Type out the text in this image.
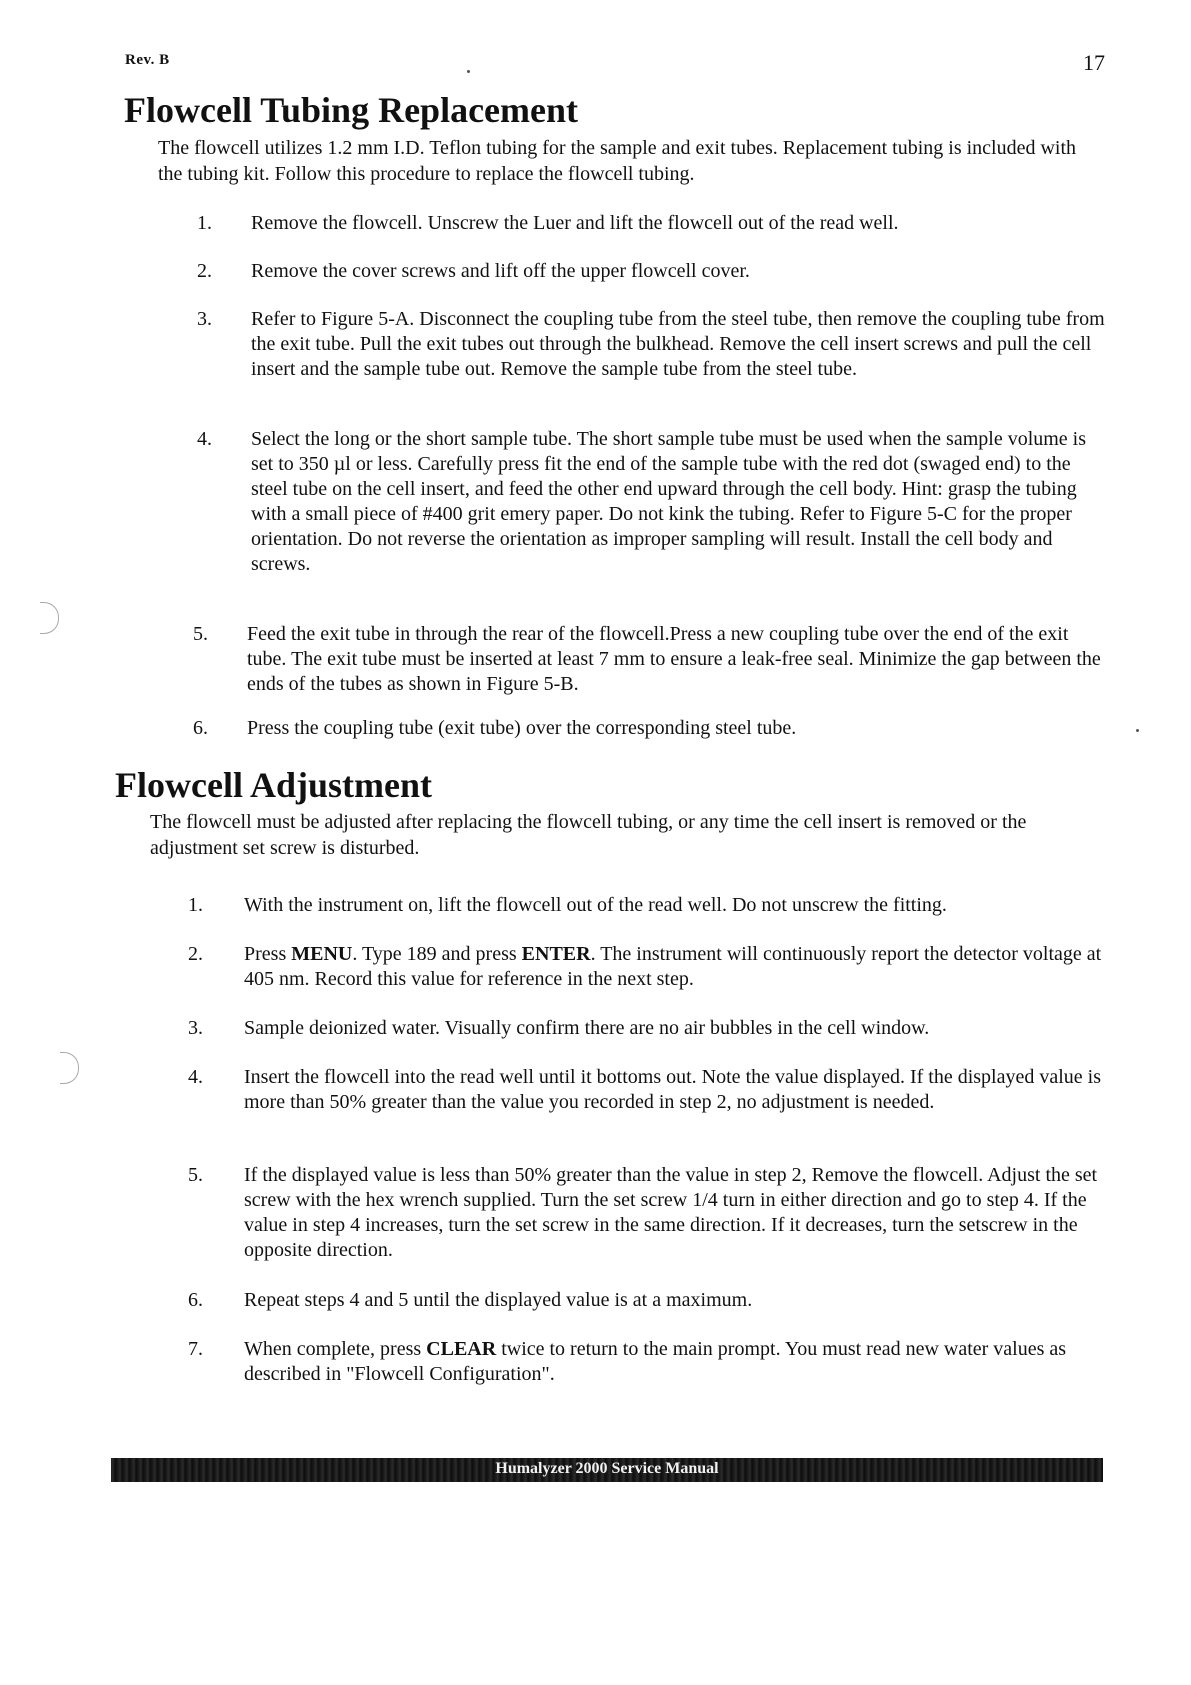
Rev. B	17
Flowcell Tubing Replacement

The flowcell utilizes 1.2 mm I.D. Teflon tubing for the sample and exit tubes. Replacement tubing is included with the tubing kit. Follow this procedure to replace the flowcell tubing.

1.	Remove the flowcell. Unscrew the Luer and lift the flowcell out of the read well.
2.	Remove the cover screws and lift off the upper flowcell cover.
3.	Refer to Figure 5-A. Disconnect the coupling tube from the steel tube, then remove the coupling tube from the exit tube. Pull the exit tubes out through the bulkhead. Remove the cell insert screws and pull the cell insert and the sample tube out. Remove the sample tube from the steel tube.
4.	Select the long or the short sample tube. The short sample tube must be used when the sample volume is set to 350 µl or less. Carefully press fit the end of the sample tube with the red dot (swaged end) to the steel tube on the cell insert, and feed the other end upward through the cell body. Hint: grasp the tubing with a small piece of #400 grit emery paper. Do not kink the tubing. Refer to Figure 5-C for the proper orientation. Do not reverse the orientation as improper sampling will result. Install the cell body and screws.
5.	Feed the exit tube in through the rear of the flowcell.Press a new coupling tube over the end of the exit tube. The exit tube must be inserted at least 7 mm to ensure a leak-free seal. Minimize the gap between the ends of the tubes as shown in Figure 5-B.
6.	Press the coupling tube (exit tube) over the corresponding steel tube.
Flowcell Adjustment

The flowcell must be adjusted after replacing the flowcell tubing, or any time the cell insert is removed or the adjustment set screw is disturbed.

1.	With the instrument on, lift the flowcell out of the read well. Do not unscrew the fitting.
2.	Press MENU. Type 189 and press ENTER. The instrument will continuously report the detector voltage at 405 nm. Record this value for reference in the next step.
3.	Sample deionized water. Visually confirm there are no air bubbles in the cell window.
4.	Insert the flowcell into the read well until it bottoms out. Note the value displayed. If the displayed value is more than 50% greater than the value you recorded in step 2, no adjustment is needed.
5.	If the displayed value is less than 50% greater than the value in step 2, Remove the flowcell. Adjust the set screw with the hex wrench supplied. Turn the set screw 1/4 turn in either direction and go to step 4. If the value in step 4 increases, turn the set screw in the same direction. If it decreases, turn the setscrew in the opposite direction.
6.	Repeat steps 4 and 5 until the displayed value is at a maximum.
7.	When complete, press CLEAR twice to return to the main prompt. You must read new water values as described in "Flowcell Configuration".
Humalyzer 2000 Service Manual
